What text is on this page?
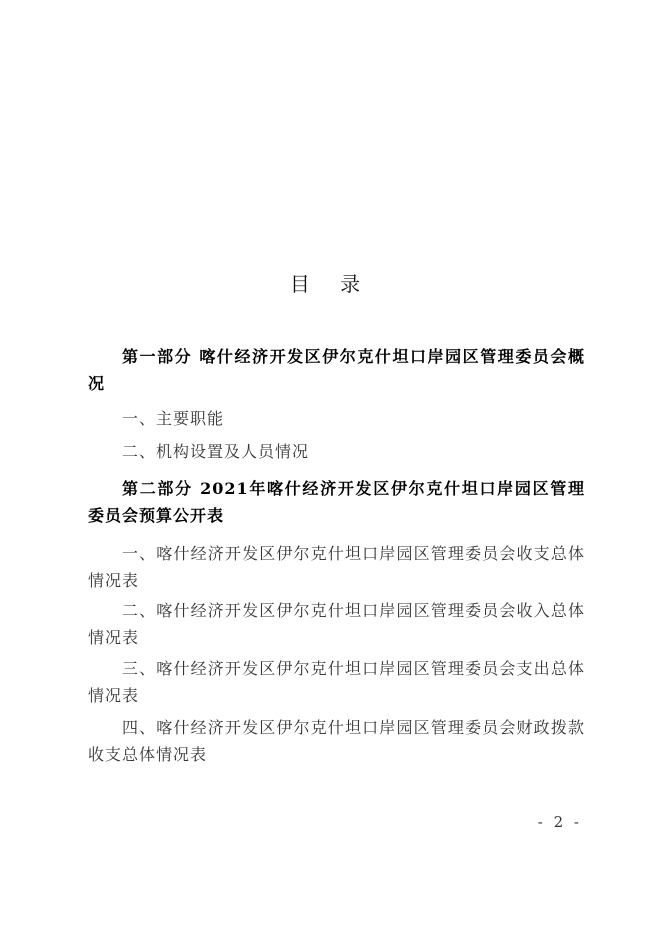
目 录
第一部分 喀什经济开发区伊尔克什坦口岸园区管理委员会概况
一、主要职能
二、机构设置及人员情况
第二部分 2021年喀什经济开发区伊尔克什坦口岸园区管理委员会预算公开表
一、喀什经济开发区伊尔克什坦口岸园区管理委员会收支总体情况表
二、喀什经济开发区伊尔克什坦口岸园区管理委员会收入总体情况表
三、喀什经济开发区伊尔克什坦口岸园区管理委员会支出总体情况表
四、喀什经济开发区伊尔克什坦口岸园区管理委员会财政拨款收支总体情况表
- 2 -
